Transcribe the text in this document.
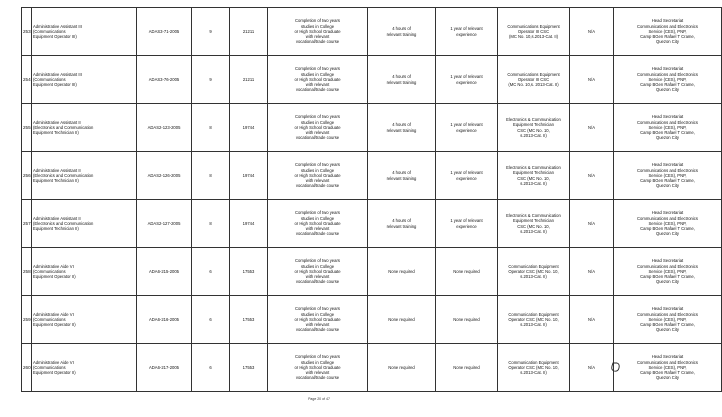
253	Administrative Assistant III
(Communications
Equipment Operator III)	ADAS3-71-2005	9	21211	Completion of two years
studies in College
or High School Graduate
with relevant
vocational/trade course	4 hours of
relevant training	1 year of relevant
experience	Communications Equipment
Operator III CSC
(MC No. 10,s.2013-Cat. II)	N/A	Head Secretariat
Communications and Electronics
Service (CES), PNP,
Camp BGen Rafael T Crame,
Quezon City

254	Administrative Assistant III
(Communications
Equipment Operator III)	ADAS3-76-2005	9	21211	Completion of two years
studies in College
or High School Graduate
with relevant
vocational/trade course	4 hours of
relevant training	1 year of relevant
experience	Communications Equipment
Operator III CSC
(MC No. 10,s. 2013-Cat. II)	N/A	Head Secretariat
Communications and Electronics
Service (CES), PNP,
Camp BGen Rafael T Crame,
Quezon City

255	Administrative Assistant II
(Electronics and Communication
Equipment Technician II)	ADAS2-123-2005	8	19744	Completion of two years
studies in College
or High School Graduate
with relevant
vocational/trade course	4 hours of
relevant training	1 year of relevant
experience	Electronics & Communication
Equipment Technician
CSC (MC No. 10,
s.2013-Cat. II)	N/A	Head Secretariat
Communications and Electronics
Service (CES), PNP,
Camp BGen Rafael T Crame,
Quezon City

256	Administrative Assistant II
(Electronics and Communication
Equipment Technician II)	ADAS2-126-2005	8	19744	Completion of two years
studies in College
or High School Graduate
with relevant
vocational/trade course	4 hours of
relevant training	1 year of relevant
experience	Electronics & Communication
Equipment Technician
CSC (MC No. 10,
s.2013-Cat. II)	N/A	Head Secretariat
Communications and Electronics
Service (CES), PNP,
Camp BGen Rafael T Crame,
Quezon City

257	Administrative Assistant II
(Electronics and Communication
Equipment Technician II)	ADAS2-127-2005	8	19744	Completion of two years
studies in College
or High School Graduate
with relevant
vocational/trade course	4 hours of
relevant training	1 year of relevant
experience	Electronics & Communication
Equipment Technician
CSC (MC No. 10,
s.2013-Cat. II)	N/A	Head Secretariat
Communications and Electronics
Service (CES), PNP,
Camp BGen Rafael T Crame,
Quezon City

258	Administrative Aide VI
(Communications
Equipment Operator II)	ADA6-215-2005	6	17553	Completion of two years
studies in College
or High School Graduate
with relevant
vocational/trade course	None required	None required	Communication Equipment
Operator CSC (MC No. 10,
s.2013-Cat. II)	N/A	Head Secretariat
Communications and Electronics
Service (CES), PNP,
Camp BGen Rafael T Crame,
Quezon City

259	Administrative Aide VI
(Communications
Equipment Operator II)	ADA6-216-2005	6	17553	Completion of two years
studies in College
or High School Graduate
with relevant
vocational/trade course	None required	None required	Communication Equipment
Operator CSC (MC No. 10,
s.2013-Cat. II)	N/A	Head Secretariat
Communications and Electronics
Service (CES), PNP,
Camp BGen Rafael T Crame,
Quezon City

260	Administrative Aide VI
(Communications
Equipment Operator II)	ADA6-217-2005	6	17553	Completion of two years
studies in College
or High School Graduate
with relevant
vocational/trade course	None required	None required	Communication Equipment
Operator CSC (MC No. 10,
s.2013-Cat. II)	N/A	Head Secretariat
Communications and Electronics
Service (CES), PNP,
Camp BGen Rafael T Crame,
Quezon City
Page 20 of 47
